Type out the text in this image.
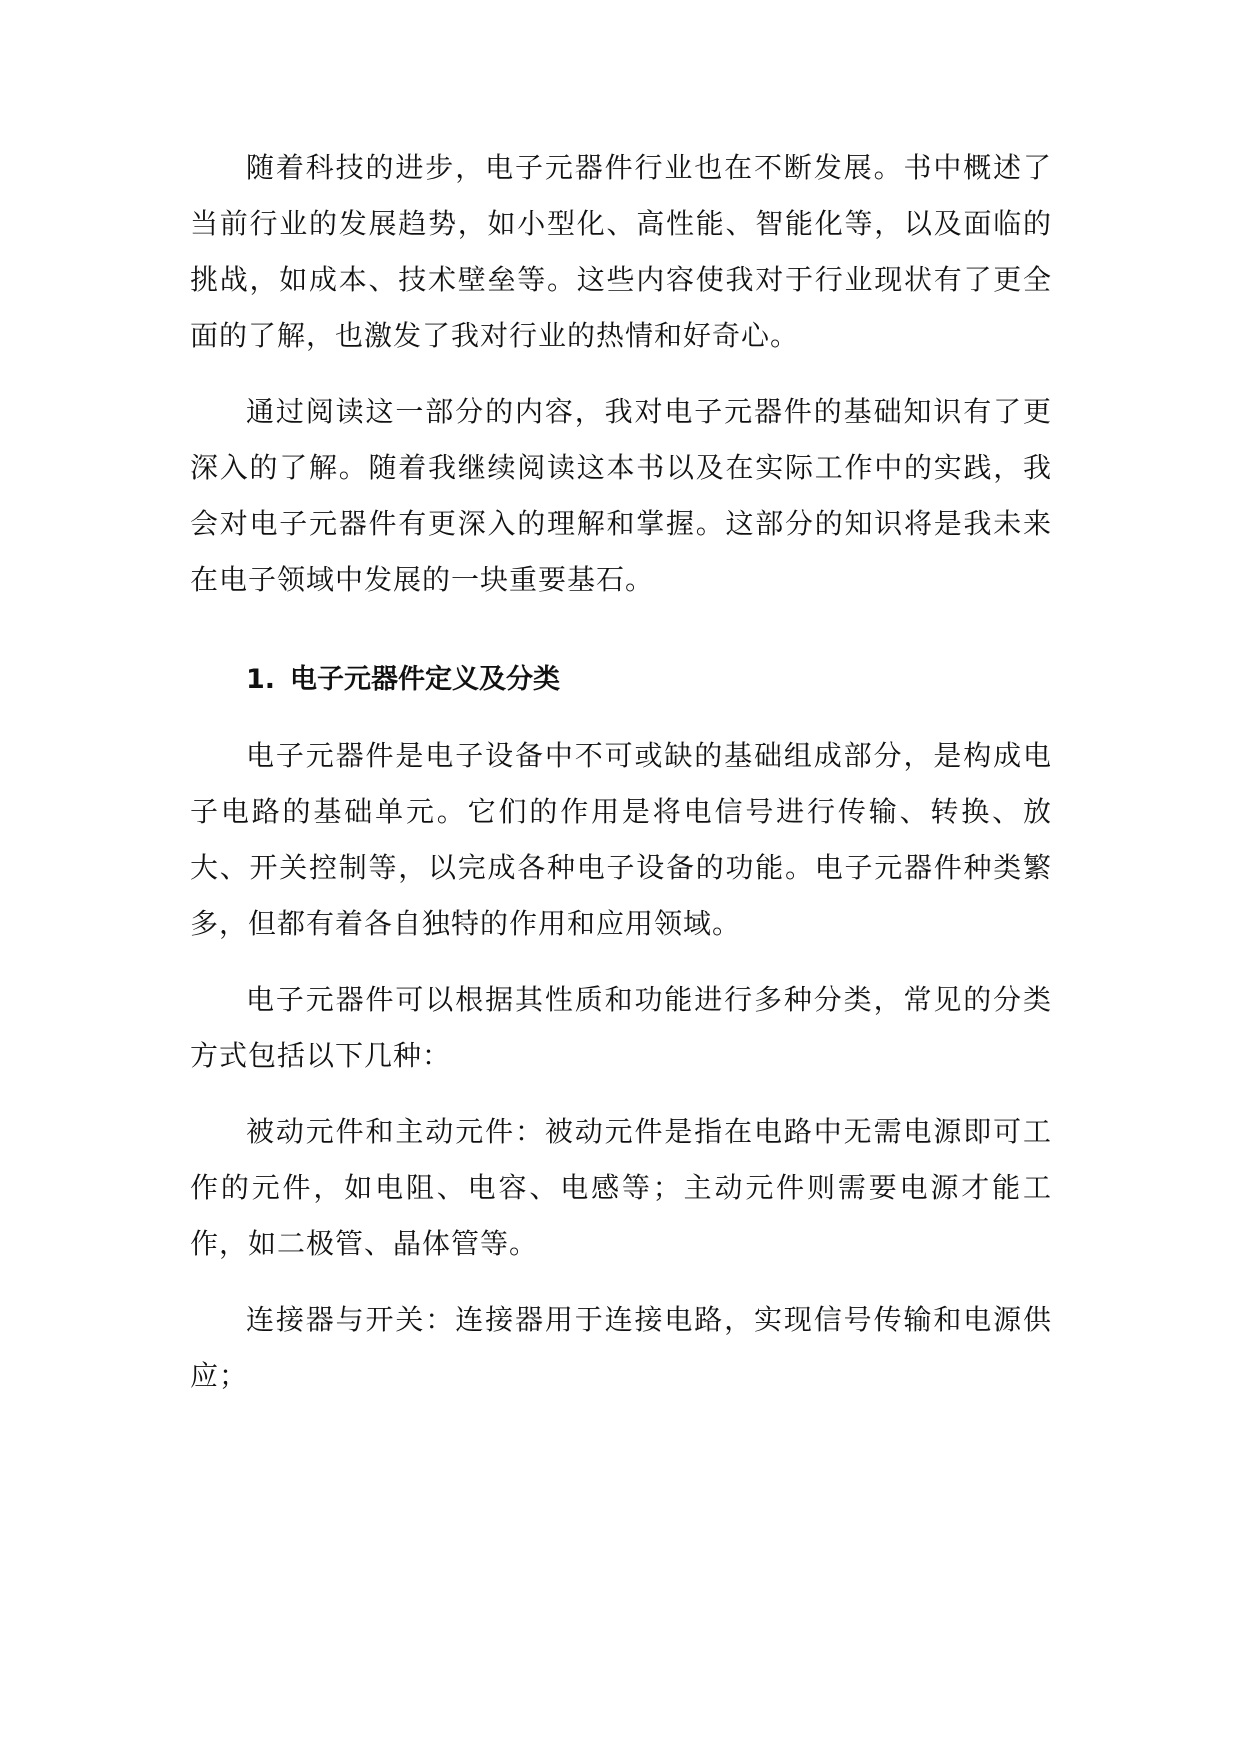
随着科技的进步，电子元器件行业也在不断发展。书中概述了当前行业的发展趋势，如小型化、高性能、智能化等，以及面临的挑战，如成本、技术壁垒等。这些内容使我对于行业现状有了更全面的了解，也激发了我对行业的热情和好奇心。

通过阅读这一部分的内容，我对电子元器件的基础知识有了更深入的了解。随着我继续阅读这本书以及在实际工作中的实践，我会对电子元器件有更深入的理解和掌握。这部分的知识将是我未来在电子领域中发展的一块重要基石。

1. 电子元器件定义及分类

电子元器件是电子设备中不可或缺的基础组成部分，是构成电子电路的基础单元。它们的作用是将电信号进行传输、转换、放大、开关控制等，以完成各种电子设备的功能。电子元器件种类繁多，但都有着各自独特的作用和应用领域。

电子元器件可以根据其性质和功能进行多种分类，常见的分类方式包括以下几种：

被动元件和主动元件：被动元件是指在电路中无需电源即可工作的元件，如电阻、电容、电感等；主动元件则需要电源才能工作，如二极管、晶体管等。

连接器与开关：连接器用于连接电路，实现信号传输和电源供应；
